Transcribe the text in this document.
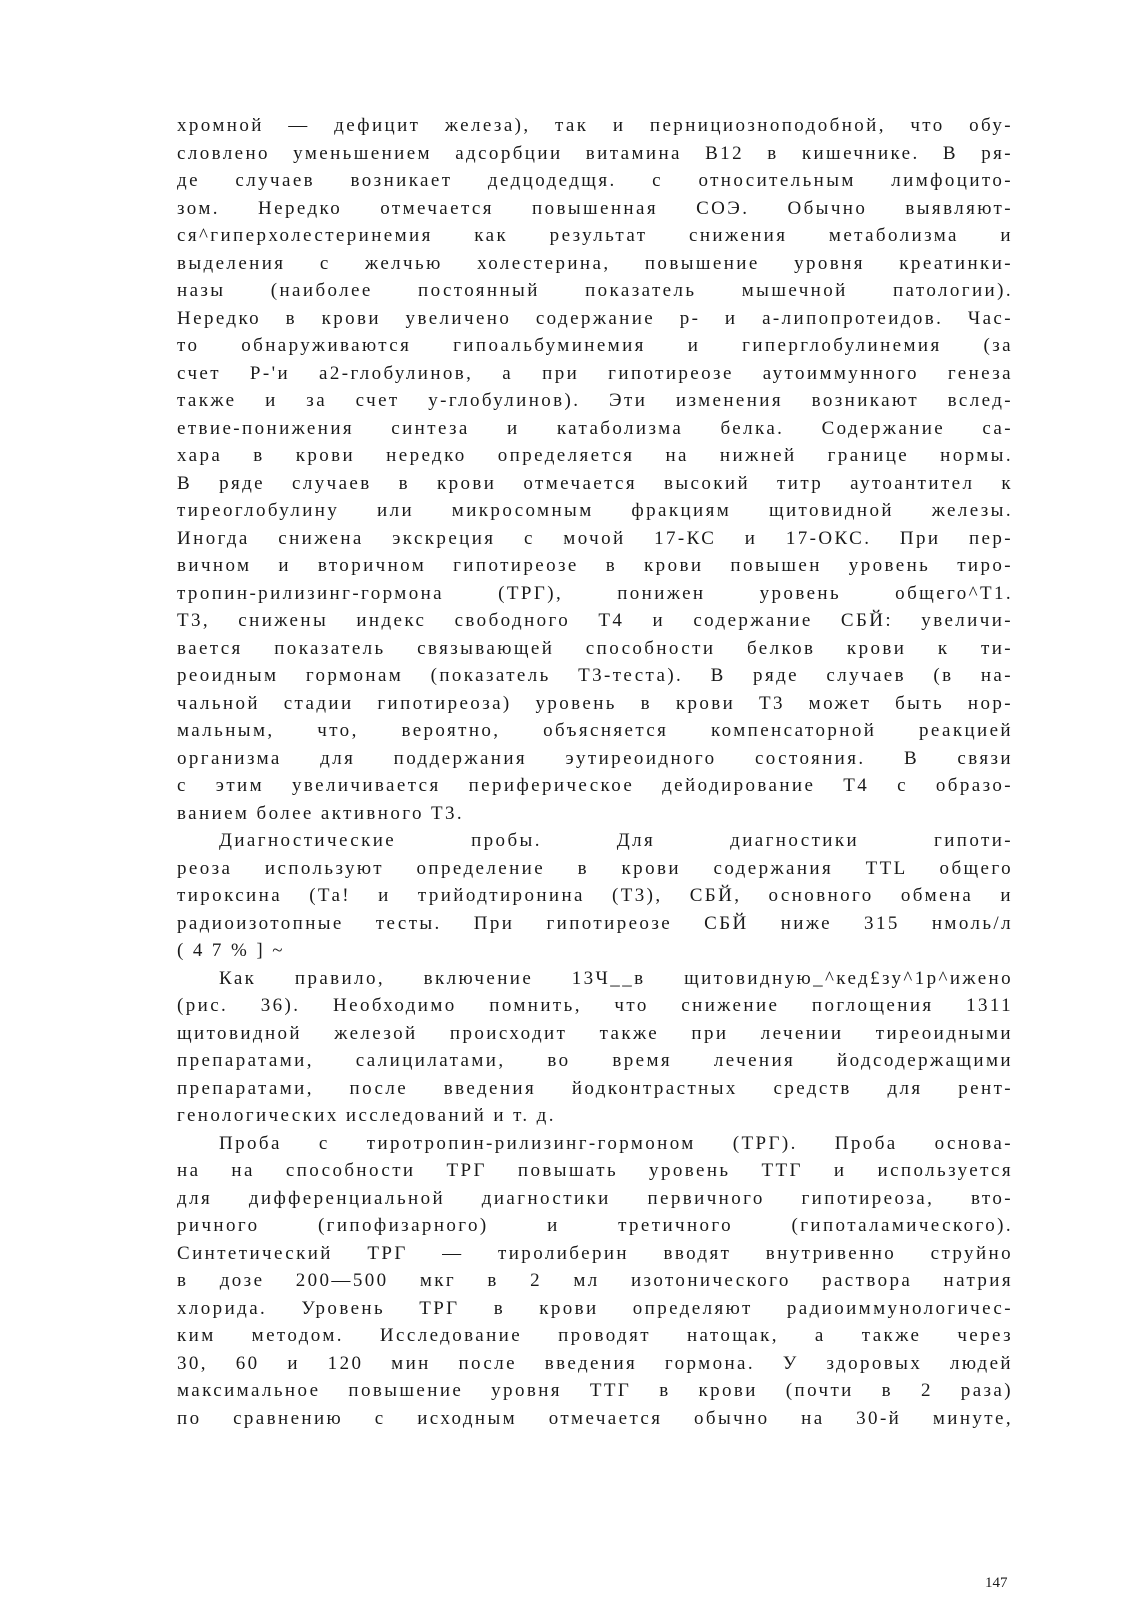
хромной — дефицит железа), так и пернициозноподобной, что обу-
словлено уменьшением адсорбции витамина В12 в кишечнике. В ря-
де случаев возникает дедцодедщя. с относительным лимфоцито-
зом. Нередко отмечается повышенная СОЭ. Обычно выявляют-
ся^гиперхолестеринемия как результат снижения метаболизма и
выделения с желчью холестерина, повышение уровня креатинки-
назы (наиболее постоянный показатель мышечной патологии).
Нередко в крови увеличено содержание р- и а-липопротеидов. Час-
то обнаруживаются гипоальбуминемия и гиперглобулинемия (за
счет Р-'и а2-глобулинов, а при гипотиреозе аутоиммунного генеза
также и за счет у-глобулинов). Эти изменения возникают вслед-
етвие-понижения синтеза и катаболизма белка. Содержание са-
хара в крови нередко определяется на нижней границе нормы.
В ряде случаев в крови отмечается высокий титр аутоантител к
тиреоглобулину или микросомным фракциям щитовидной железы.
Иногда снижена экскреция с мочой 17-КС и 17-ОКС. При пер-
вичном и вторичном гипотиреозе в крови повышен уровень тиро-
тропин-рилизинг-гормона (ТРГ), понижен уровень общего^Т1.
Т3, снижены индекс свободного Т4 и содержание СБЙ: увеличи-
вается показатель связывающей способности белков крови к ти-
реоидным гормонам (показатель Т3-теста). В ряде случаев (в на-
чальной стадии гипотиреоза) уровень в крови Т3 может быть нор-
мальным, что, вероятно, объясняется компенсаторной реакцией
организма для поддержания эутиреоидного состояния. В связи
с этим увеличивается периферическое дейодирование Т4 с образо-
ванием более активного Т3.
Диагностические пробы. Для диагностики гипоти-
реоза используют определение в крови содержания TTL общего
тироксина (Та! и трийодтиронина (Т3), СБЙ, основного обмена и
радиоизотопные тесты. При гипотиреозе СБЙ ниже 315 нмоль/л
( 4 7 % ] ~
Как правило, включение 13Ч__в щитовидную_^кед£зу^1р^ижено
(рис. 36). Необходимо помнить, что снижение поглощения 1311
щитовидной железой происходит также при лечении тиреоидными
препаратами, салицилатами, во время лечения йодсодержащими
препаратами, после введения йодконтрастных средств для рент-
генологических исследований и т. д.
Проба с тиротропин-рилизинг-гормоном (ТРГ). Проба основа-
на на способности ТРГ повышать уровень ТТГ и используется
для дифференциальной диагностики первичного гипотиреоза, вто-
ричного (гипофизарного) и третичного (гипоталамического).
Синтетический ТРГ — тиролиберин вводят внутривенно струйно
в дозе 200—500 мкг в 2 мл изотонического раствора натрия
хлорида. Уровень ТРГ в крови определяют радиоиммунологичес-
ким методом. Исследование проводят натощак, а также через
30, 60 и 120 мин после введения гормона. У здоровых людей
максимальное повышение уровня ТТГ в крови (почти в 2 раза)
по сравнению с исходным отмечается обычно на 30-й минуте,
147
